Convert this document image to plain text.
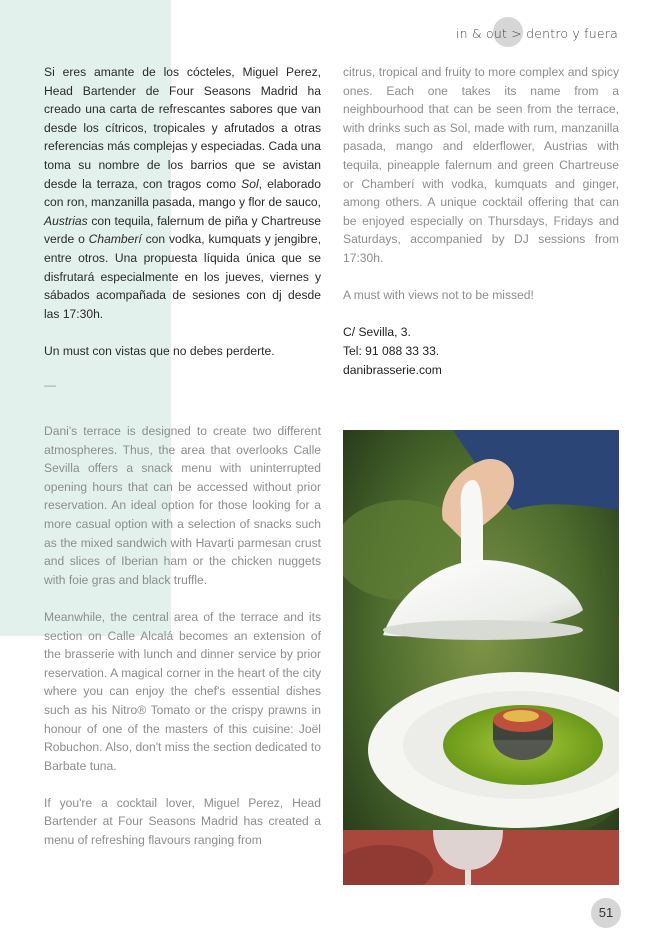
in & out > dentro y fuera

Si eres amante de los cócteles, Miguel Perez, Head Bartender de Four Seasons Madrid ha creado una carta de refrescantes sabores que van desde los cítricos, tropicales y afrutados a otras referencias más complejas y especiadas. Cada una toma su nombre de los barrios que se avistan desde la terraza, con tragos como Sol, elaborado con ron, manzanilla pasada, mango y flor de sauco, Austrias con tequila, falernum de piña y Chartreuse verde o Chamberí con vodka, kumquats y jengibre, entre otros. Una propuesta líquida única que se disfrutará especialmente en los jueves, viernes y sábados acompañada de sesiones con dj desde las 17:30h.

Un must con vistas que no debes perderte.

—

Dani's terrace is designed to create two different atmospheres. Thus, the area that overlooks Calle Sevilla offers a snack menu with uninterrupted opening hours that can be accessed without prior reservation. An ideal option for those looking for a more casual option with a selection of snacks such as the mixed sandwich with Havarti parmesan crust and slices of Iberian ham or the chicken nuggets with foie gras and black truffle.

Meanwhile, the central area of the terrace and its section on Calle Alcalá becomes an extension of the brasserie with lunch and dinner service by prior reservation. A magical corner in the heart of the city where you can enjoy the chef's essential dishes such as his Nitro® Tomato or the crispy prawns in honour of one of the masters of this cuisine: Joël Robuchon. Also, don't miss the section dedicated to Barbate tuna.

If you're a cocktail lover, Miguel Perez, Head Bartender at Four Seasons Madrid has created a menu of refreshing flavours ranging from

citrus, tropical and fruity to more complex and spicy ones. Each one takes its name from a neighbourhood that can be seen from the terrace, with drinks such as Sol, made with rum, manzanilla pasada, mango and elderflower, Austrias with tequila, pineapple falernum and green Chartreuse or Chamberí with vodka, kumquats and ginger, among others. A unique cocktail offering that can be enjoyed especially on Thursdays, Fridays and Saturdays, accompanied by DJ sessions from 17:30h.

A must with views not to be missed!

C/ Sevilla, 3.
Tel: 91 088 33 33.
danibrasserie.com
51
